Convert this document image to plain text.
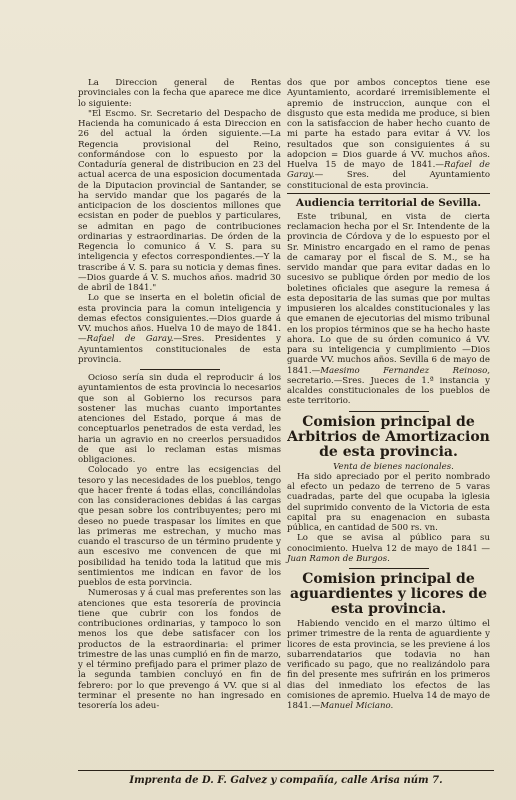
La Direccion general de Rentas provinciales con la fecha que aparece me dice lo siguiente:

"El Escmo. Sr. Secretario del Despacho de Hacienda ha comunicado á esta Direccion en 26 del actual la órden siguiente.—La Regencia provisional del Reino, conformándose con lo espuesto por la Contaduría general de distribucion en 23 del actual acerca de una esposicion documentada de la Diputacion provincial de Santander, se ha servido mandar que los pagarés de la anticipacion de los doscientos millones que ecsistan en poder de pueblos y particulares, se admitan en pago de contribuciones ordinarias y estraordinarias. De órden de la Regencia lo comunico á V. S. para su inteligencia y efectos correspondientes.—Y la trascribe á V. S. para su noticia y demas fines.—Dios guarde á V. S. muchos años. madrid 30 de abril de 1841."

Lo que se inserta en el boletin oficial de esta provincia para la comun inteligencia y demas efectos consiguientes.—Dios guarde á VV. muchos años. Huelva 10 de mayo de 1841.—Rafael de Garay.—Sres. Presidentes y Ayuntamientos constitucionales de esta provincia.

Ocioso sería sin duda el reproducir á los ayuntamientos de esta provincia lo necesarios que son al Gobierno los recursos para sostener las muchas cuanto importantes atenciones del Estado, porque á mas de conceptuarlos penetrados de esta verdad, les haria un agravio en no creerlos persuadidos de que asi lo reclaman estas mismas obligaciones.

Colocado yo entre las ecsigencias del tesoro y las necesidades de los pueblos, tengo que hacer frente á todas ellas, conciliándolas con las consideraciones debidas á las cargas que pesan sobre los contribuyentes; pero mi deseo no puede traspasar los límites en que las primeras me estrechan, y mucho mas cuando el trascurso de un término prudente y aun escesivo me convencen de que mi posibilidad ha tenido toda la latitud que mis sentimientos me indican en favor de los pueblos de esta porvincia.

Numerosas y á cual mas preferentes son las atenciones que esta tesorería de provincia tiene que cubrir con los fondos de contribuciones ordinarias, y tampoco lo son menos los que debe satisfacer con los productos de la estraordinaria: el primer trimestre de las unas cumplió en fin de marzo, y el término prefijado para el primer plazo de la segunda tambien concluyó en fin de febrero: por lo que prevengo á VV. que si al terminar el presente no han ingresado en tesorería los adeu-

dos que por ambos conceptos tiene ese Ayuntamiento, acordaré irremisiblemente el apremio de instruccion, aunque con el disgusto que esta medida me produce, si bien con la satisfaccion de haber hecho cuanto de mi parte ha estado para evitar á VV. los resultados que son consiguientes á su adopcion = Dios guarde á VV. muchos años. Huelva 15 de mayo de 1841.—Rafael de Garay.— Sres. del Ayuntamiento constitucional de esta provincia.

Audiencia territorial de Sevilla.

Este tribunal, en vista de cierta reclamacion hecha por el Sr. Intendente de la provincia de Córdova y de lo espuesto por el Sr. Ministro encargado en el ramo de penas de camaray por el fiscal de S. M., se ha servido mandar que para evitar dadas en lo sucesivo se publique órden por medio de los boletines oficiales que asegure la remesa á esta depositaria de las sumas que por multas impusieren los alcaldes constitucionales y las que emanen de ejecutorias del mismo tribunal en los propios términos que se ha hecho haste ahora. Lo que de su órden comunico á VV. para su inteligencia y cumplimiento —Dios guarde VV. muchos años. Sevilla 6 de mayo de 1841.—Maesimo Fernandez Reinoso, secretario.—Sres. Jueces de 1.ª instancia y alcaldes constitucionales de los pueblos de este territorio.

Comision principal de Arbitrios de Amortizacion de esta provincia.

Venta de bienes nacionales.

Ha sido apreciado por el perito nombrado al efecto un pedazo de terreno de 5 varas cuadradas, parte del que ocupaba la iglesia del suprimido convento de la Victoria de esta capital pra su enagenacion en subasta pública, en cantidad de 500 rs. vn.

Lo que se avisa al público para su conocimiento. Huelva 12 de mayo de 1841 —Juan Ramon de Burgos.

Comision principal de aguardientes y licores de esta provincia.

Habiendo vencido en el marzo último el primer trimestre de la renta de aguardiente y licores de esta provincia, se les previene á los subarrendatarios que todavia no han verificado su pago, que no realizándolo para fin del presente mes sufrirán en los primeros dias del inmediato los efectos de las comisiones de apremio. Huelva 14 de mayo de 1841.—Manuel Miciano.

Imprenta de D. F. Galvez y compañía, calle Arisa núm 7.
